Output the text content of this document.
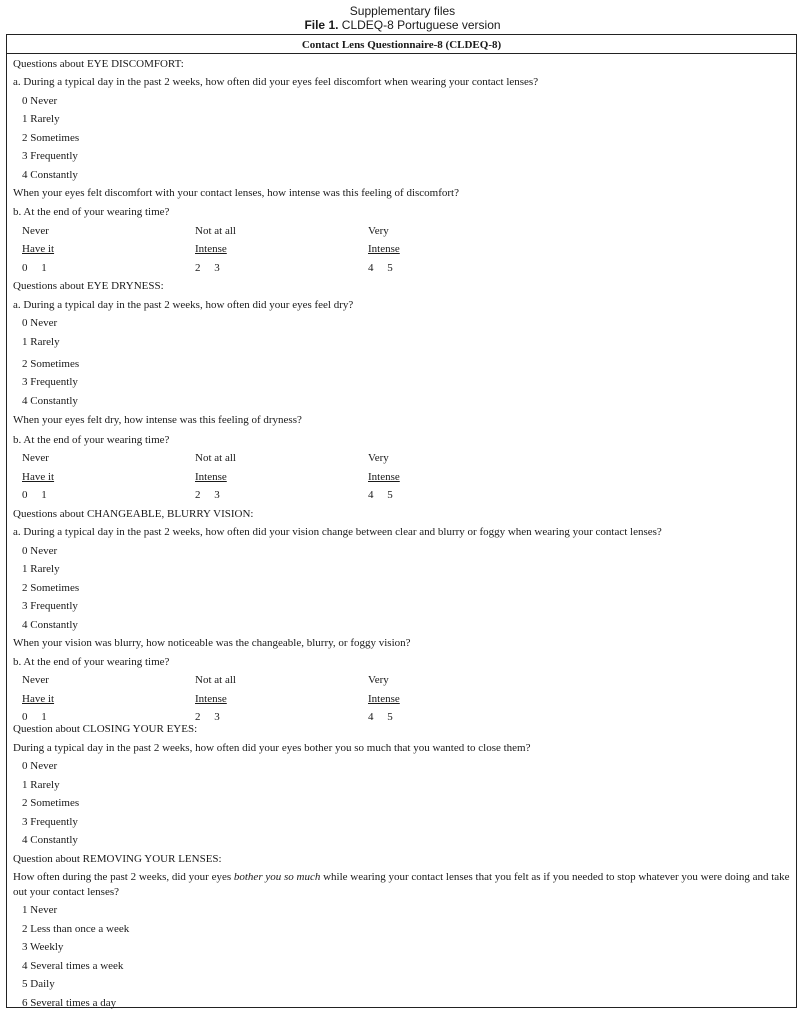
Supplementary files
File 1. CLDEQ-8 Portuguese version
Contact Lens Questionnaire-8 (CLDEQ-8)
Questions about EYE DISCOMFORT:
a. During a typical day in the past 2 weeks, how often did your eyes feel discomfort when wearing your contact lenses?
0 Never
1 Rarely
2 Sometimes
3 Frequently
4 Constantly
When your eyes felt discomfort with your contact lenses, how intense was this feeling of discomfort?
b. At the end of your wearing time?
Never	Not at all	Very
Have it	Intense	Intense
0     1	2     3	4     5
Questions about EYE DRYNESS:
a. During a typical day in the past 2 weeks, how often did your eyes feel dry?
0 Never
1 Rarely
2 Sometimes
3 Frequently
4 Constantly
When your eyes felt dry, how intense was this feeling of dryness?
b. At the end of your wearing time?
Never	Not at all	Very
Have it	Intense	Intense
0     1	2     3	4     5
Questions about CHANGEABLE, BLURRY VISION:
a. During a typical day in the past 2 weeks, how often did your vision change between clear and blurry or foggy when wearing your contact lenses?
0 Never
1 Rarely
2 Sometimes
3 Frequently
4 Constantly
When your vision was blurry, how noticeable was the changeable, blurry, or foggy vision?
b. At the end of your wearing time?
Never	Not at all	Very
Have it	Intense	Intense
0     1	2     3	4     5
Question about CLOSING YOUR EYES:
During a typical day in the past 2 weeks, how often did your eyes bother you so much that you wanted to close them?
0 Never
1 Rarely
2 Sometimes
3 Frequently
4 Constantly
Question about REMOVING YOUR LENSES:
How often during the past 2 weeks, did your eyes bother you so much while wearing your contact lenses that you felt as if you needed to stop whatever you were doing and take out your contact lenses?
1 Never
2 Less than once a week
3 Weekly
4 Several times a week
5 Daily
6 Several times a day
